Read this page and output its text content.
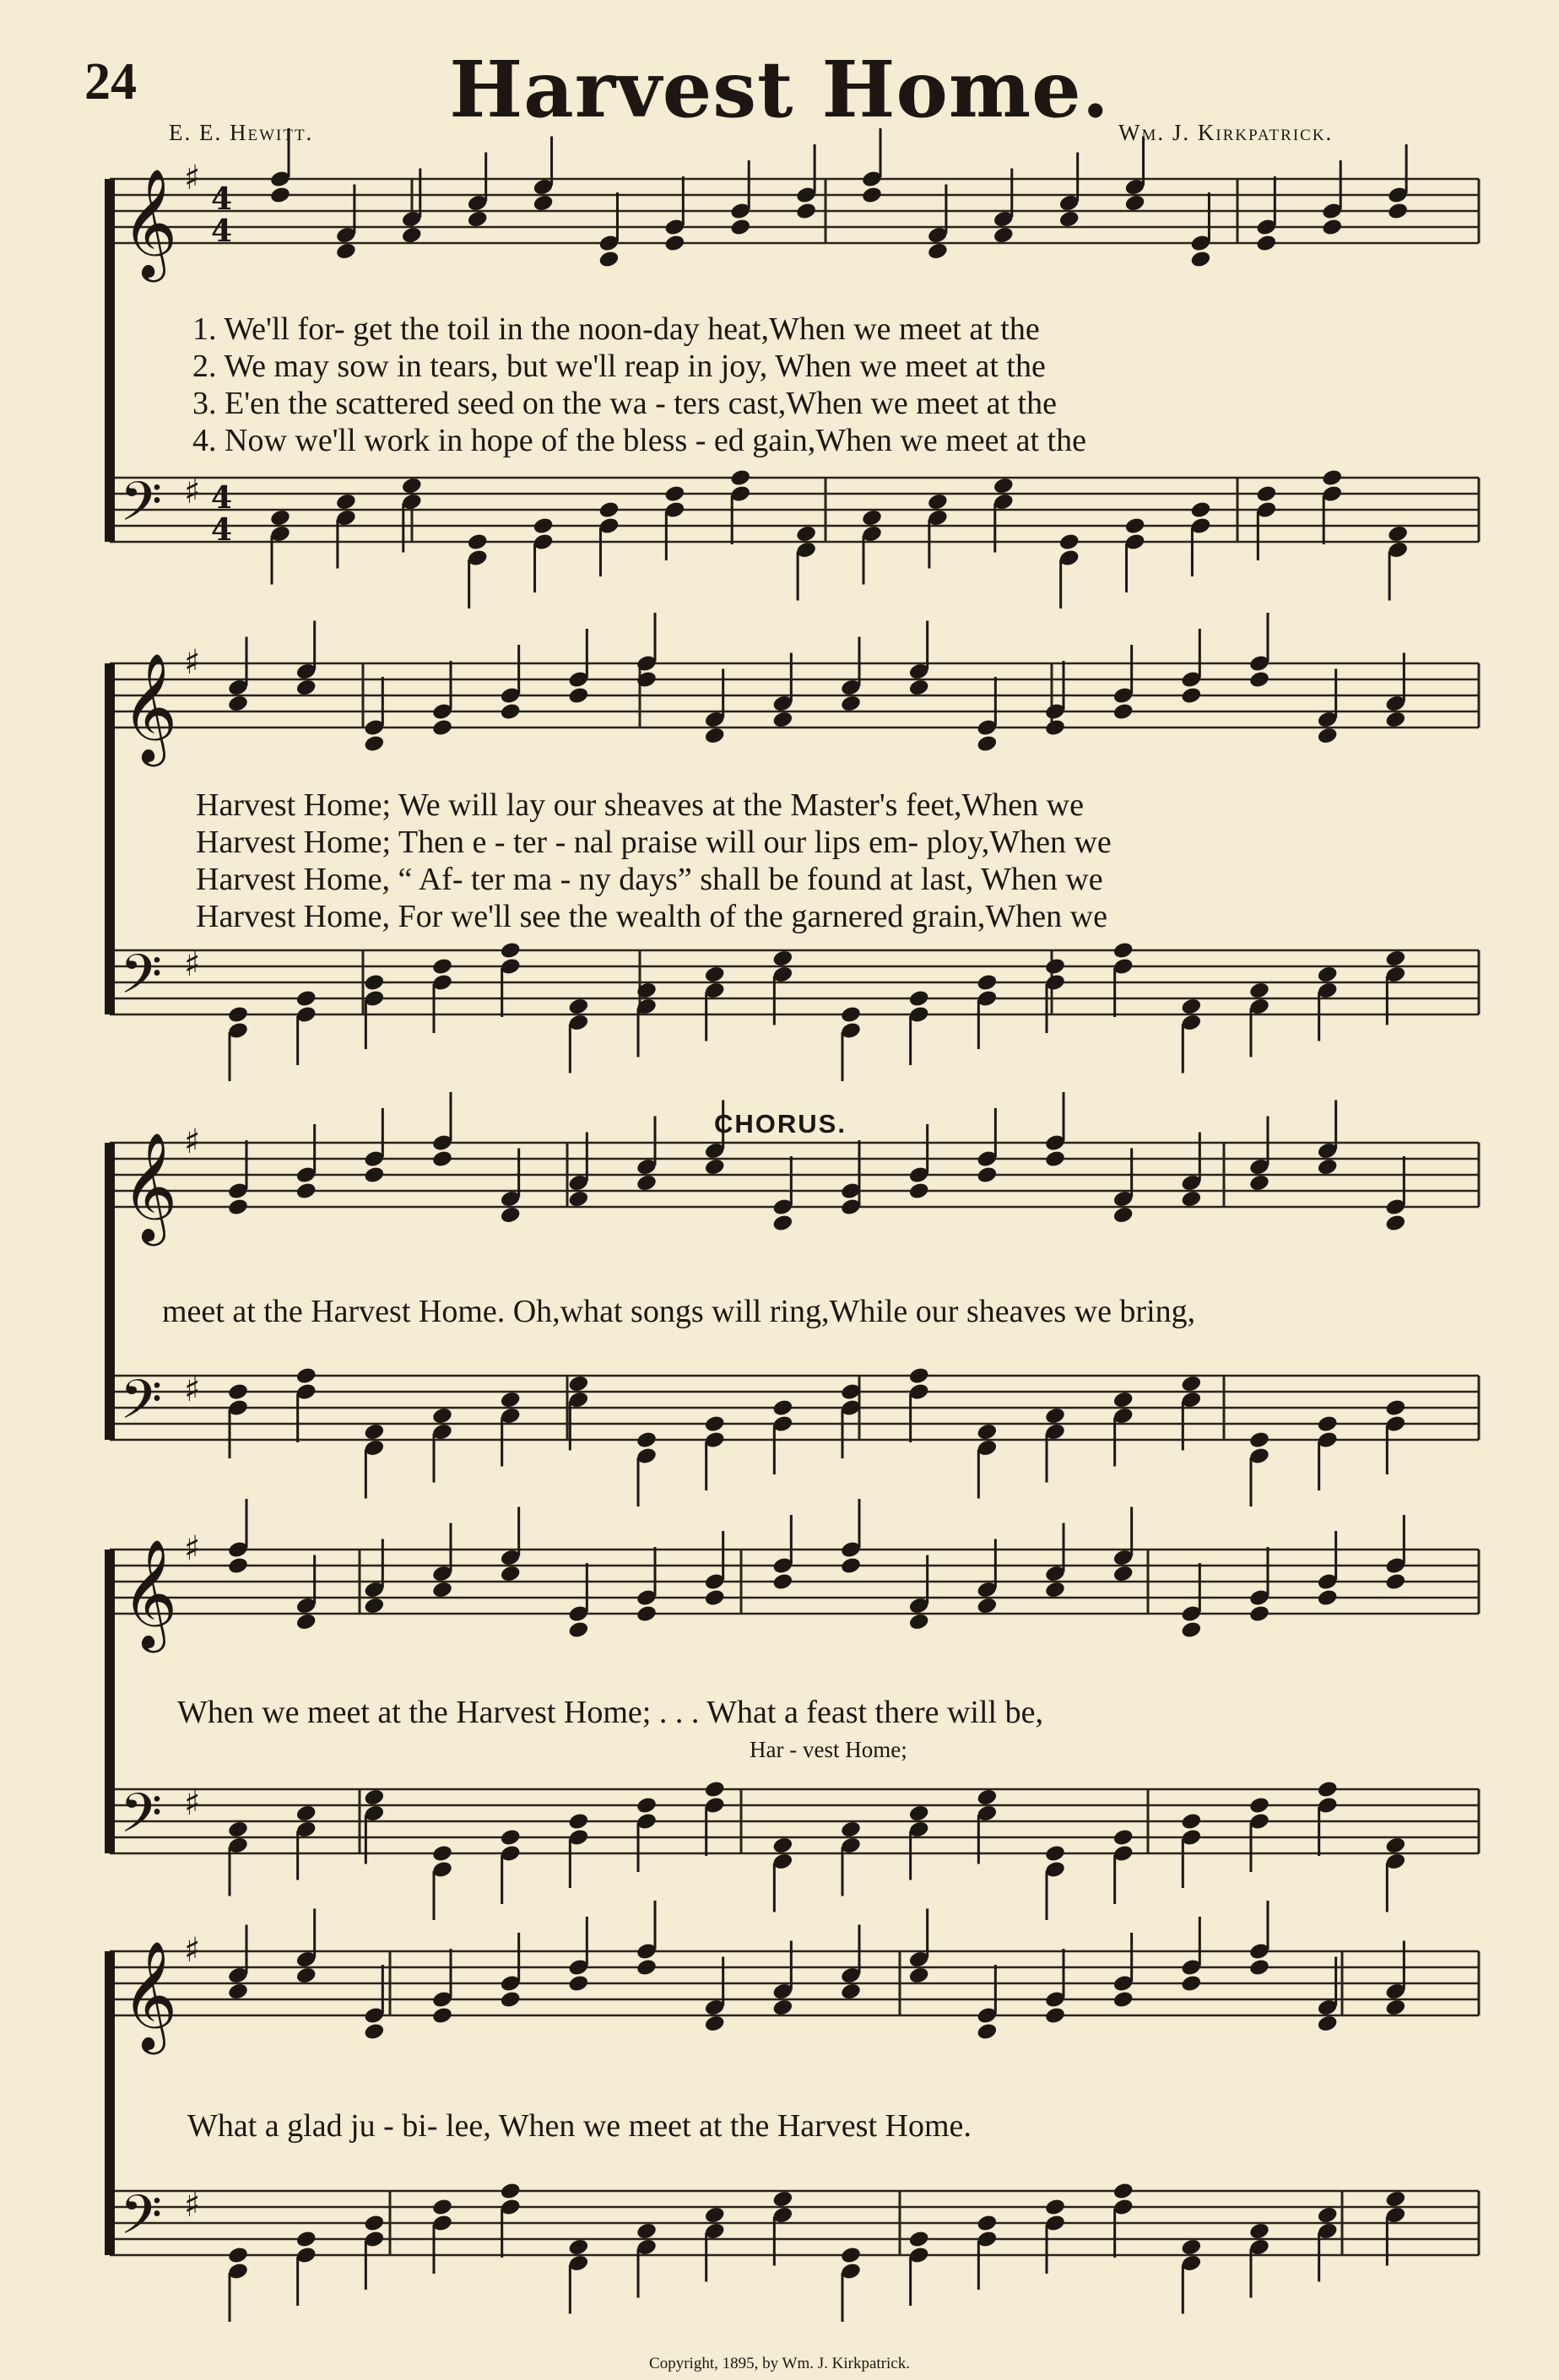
24	Harvest Home.
E. E. Hewitt.	Wm. J. Kirkpatrick.
𝄞 ♯
4
4
𝄢 ♯ 4
4
𝄞 ♯
𝄢 ♯
𝄞 ♯
𝄢 ♯
𝄞 ♯
𝄢 ♯
𝄞 ♯
𝄢 ♯
1. We'll for- get the toil in the noon-day heat,When we meet at the
2. We may sow in tears, but we'll reap in joy, When we meet at the
3. E'en the scattered seed on the wa - ters cast,When we meet at the
4. Now we'll work in hope of the bless - ed gain,When we meet at the
Harvest Home; We will lay our sheaves at the Master's feet,When we
Harvest Home; Then e - ter - nal praise will our lips em- ploy,When we
Harvest Home, “ Af- ter ma - ny days” shall be found at last, When we
Harvest Home, For we'll see the wealth of the garnered grain,When we
CHORUS.
meet at the Harvest Home. Oh,what songs will ring,While our sheaves we bring,
When we meet at the Harvest Home; . . . What a feast there will be,
Har - vest Home;
What a glad ju - bi- lee, When we meet at the Harvest Home.
Copyright, 1895, by Wm. J. Kirkpatrick.
